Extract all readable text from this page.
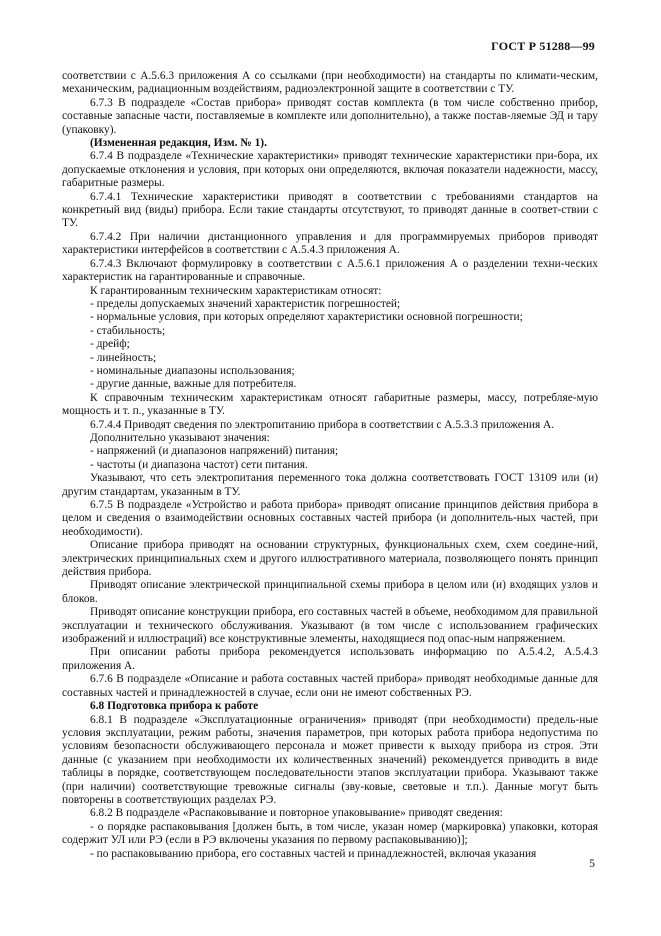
ГОСТ Р 51288—99

соответствии с А.5.6.3 приложения А со ссылками (при необходимости) на стандарты по климати-ческим, механическим, радиационным воздействиям, радиоэлектронной защите в соответствии с ТУ.

6.7.3 В подразделе «Состав прибора» приводят состав комплекта (в том числе собственно прибор, составные запасные части, поставляемые в комплекте или дополнительно), а также постав-ляемые ЭД и тару (упаковку).

(Измененная редакция, Изм. № 1).

6.7.4 В подразделе «Технические характеристики» приводят технические характеристики при-бора, их допускаемые отклонения и условия, при которых они определяются, включая показатели надежности, массу, габаритные размеры.

6.7.4.1 Технические характеристики приводят в соответствии с требованиями стандартов на конкретный вид (виды) прибора. Если такие стандарты отсутствуют, то приводят данные в соответ-ствии с ТУ.

6.7.4.2 При наличии дистанционного управления и для программируемых приборов приводят характеристики интерфейсов в соответствии с А.5.4.3 приложения А.

6.7.4.3 Включают формулировку в соответствии с А.5.6.1 приложения А о разделении техни-ческих характеристик на гарантированные и справочные.

К гарантированным техническим характеристикам относят:

- пределы допускаемых значений характеристик погрешностей;

- нормальные условия, при которых определяют характеристики основной погрешности;

- стабильность;

- дрейф;

- линейность;

- номинальные диапазоны использования;

- другие данные, важные для потребителя.

К справочным техническим характеристикам относят габаритные размеры, массу, потребляе-мую мощность и т. п., указанные в ТУ.

6.7.4.4 Приводят сведения по электропитанию прибора в соответствии с А.5.3.3 приложения А.

Дополнительно указывают значения:

- напряжений (и диапазонов напряжений) питания;

- частоты (и диапазона частот) сети питания.

Указывают, что сеть электропитания переменного тока должна соответствовать ГОСТ 13109 или (и) другим стандартам, указанным в ТУ.

6.7.5 В подразделе «Устройство и работа прибора» приводят описание принципов действия прибора в целом и сведения о взаимодействии основных составных частей прибора (и дополнитель-ных частей, при необходимости).

Описание прибора приводят на основании структурных, функциональных схем, схем соедине-ний, электрических принципиальных схем и другого иллюстративного материала, позволяющего понять принцип действия прибора.

Приводят описание электрической принципиальной схемы прибора в целом или (и) входящих узлов и блоков.

Приводят описание конструкции прибора, его составных частей в объеме, необходимом для правильной эксплуатации и технического обслуживания. Указывают (в том числе с использованием графических изображений и иллюстраций) все конструктивные элементы, находящиеся под опас-ным напряжением.

При описании работы прибора рекомендуется использовать информацию по А.5.4.2, А.5.4.3 приложения А.

6.7.6 В подразделе «Описание и работа составных частей прибора» приводят необходимые данные для составных частей и принадлежностей в случае, если они не имеют собственных РЭ.

6.8 Подготовка прибора к работе

6.8.1 В подразделе «Эксплуатационные ограничения» приводят (при необходимости) предель-ные условия эксплуатации, режим работы, значения параметров, при которых работа прибора недопустима по условиям безопасности обслуживающего персонала и может привести к выходу прибора из строя. Эти данные (с указанием при необходимости их количественных значений) рекомендуется приводить в виде таблицы в порядке, соответствующем последовательности этапов эксплуатации прибора. Указывают также (при наличии) соответствующие тревожные сигналы (зву-ковые, световые и т.п.). Данные могут быть повторены в соответствующих разделах РЭ.

6.8.2 В подразделе «Распаковывание и повторное упаковывание» приводят сведения:

- о порядке распаковывания [должен быть, в том числе, указан номер (маркировка) упаковки, которая содержит УЛ или РЭ (если в РЭ включены указания по первому распаковыванию)];

- по распаковыванию прибора, его составных частей и принадлежностей, включая указания

5
